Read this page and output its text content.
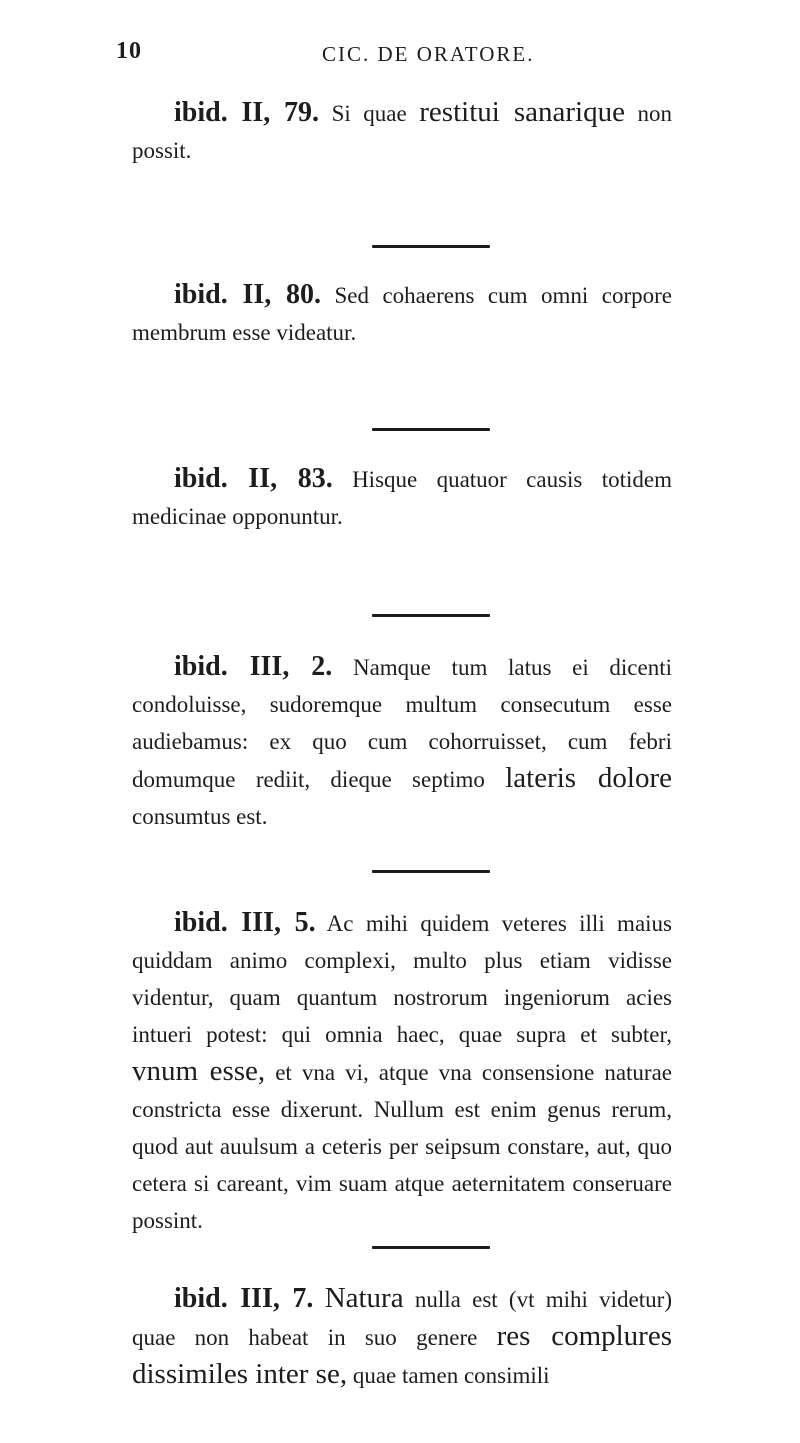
10	CIC. DE ORATORE.

ibid. II, 79. Si quae restitui sanarique non possit.

ibid. II, 80. Sed cohaerens cum omni corpore membrum esse videatur.

ibid. II, 83. Hisque quatuor causis totidem medicinae opponuntur.

ibid. III, 2. Namque tum latus ei dicenti condoluisse, sudoremque multum consecutum esse audiebamus: ex quo cum cohorruisset, cum febri domumque rediit, dieque septimo lateris dolore consumtus est.

ibid. III, 5. Ac mihi quidem veteres illi maius quiddam animo complexi, multo plus etiam vidisse videntur, quam quantum nostrorum ingeniorum acies intueri potest: qui omnia haec, quae supra et subter, vnum esse, et vna vi, atque vna consensione naturae constricta esse dixerunt. Nullum est enim genus rerum, quod aut auulsum a ceteris per seipsum constare, aut, quo cetera si careant, vim suam atque aeternitatem conseruare possint.

ibid. III, 7. Natura nulla est (vt mihi videtur) quae non habeat in suo genere res complures dissimiles inter se, quae tamen consimili
